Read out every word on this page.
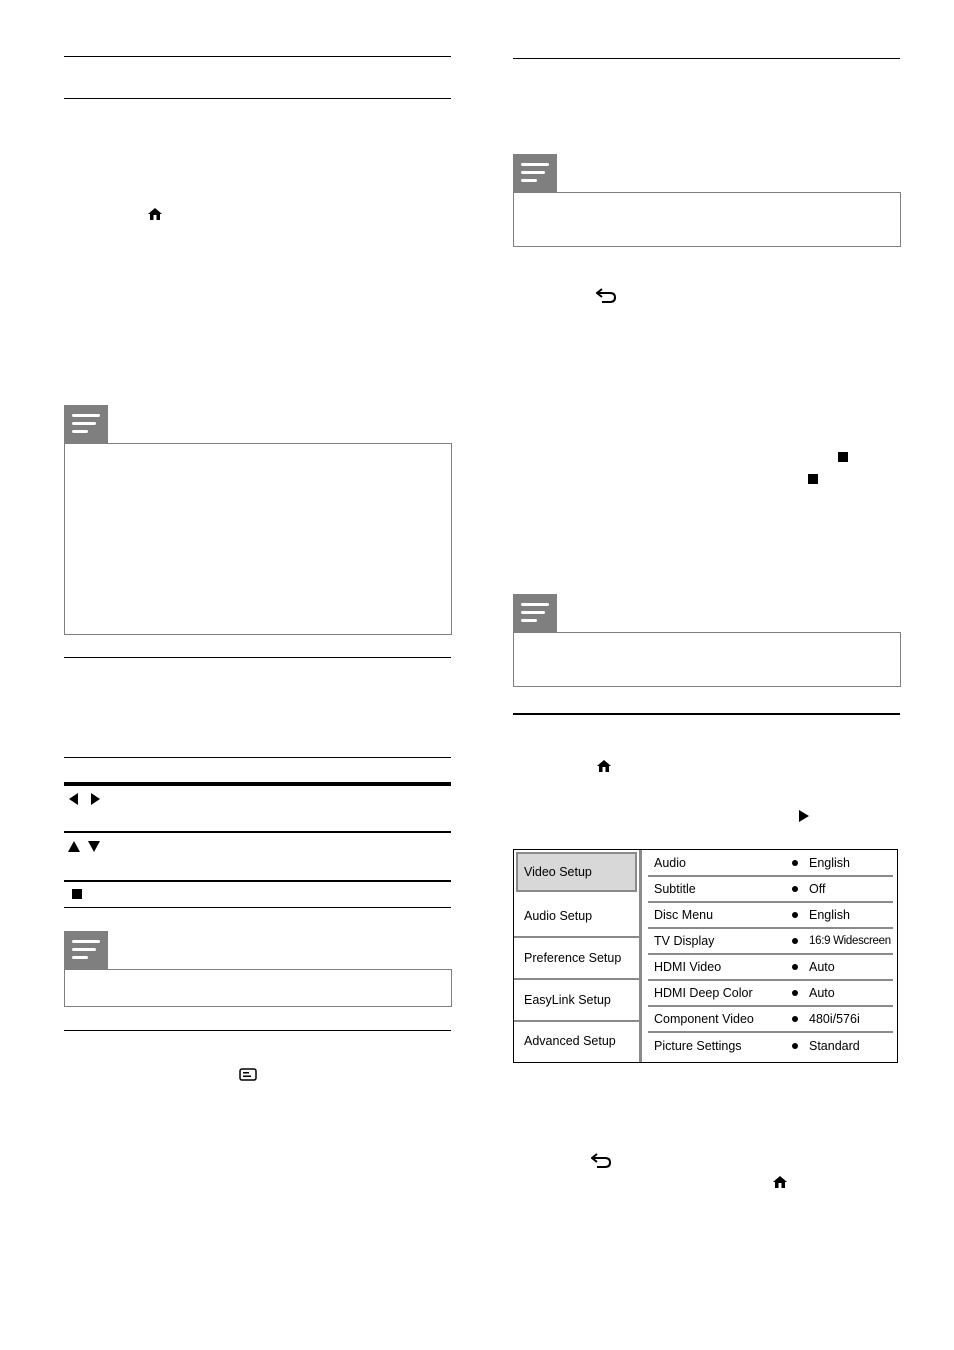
Video Setup
Audio Setup
Preference Setup
EasyLink Setup
Advanced Setup
Audio	English
Subtitle	Off
Disc Menu	English
TV Display	16:9 Widescreen
HDMI Video	Auto
HDMI Deep Color	Auto
Component Video	480i/576i
Picture Settings	Standard
